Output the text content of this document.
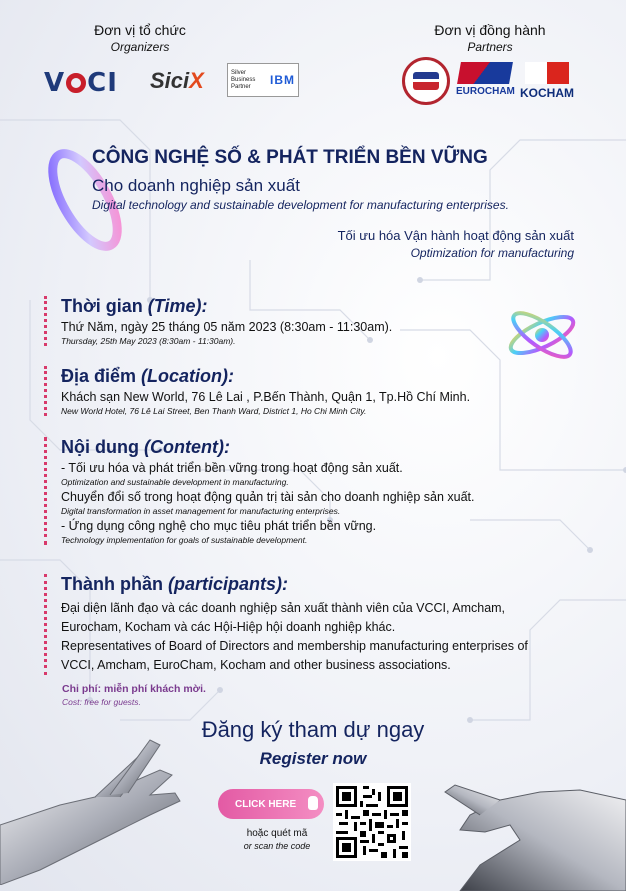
Đơn vị tổ chức
Organizers
Đơn vị đồng hành
Partners
V CI Sici X	Silver Business Partner	IBM
EUROCHAM KOCHAM
CÔNG NGHỆ SỐ & PHÁT TRIỂN BỀN VỮNG
Cho doanh nghiệp sản xuất
Digital technology and sustainable development for manufacturing enterprises.
Tối ưu hóa Vận hành hoạt động sản xuất
Optimization for manufacturing
Thời gian (Time):
Thứ Năm, ngày 25 tháng 05 năm 2023 (8:30am - 11:30am).
Thursday, 25th May 2023 (8:30am - 11:30am).
Địa điểm (Location):
Khách sạn New World, 76 Lê Lai , P.Bến Thành, Quận 1, Tp.Hồ Chí Minh.
New World Hotel, 76 Lê Lai Street, Ben Thanh Ward, District 1, Ho Chi Minh City.
Nội dung (Content):
- Tối ưu hóa và phát triển bền vững trong hoạt động sản xuất.
Optimization and sustainable development in manufacturing.
Chuyển đổi số trong hoạt động quản trị tài sản cho doanh nghiệp sản xuất.
Digital transformation in asset management for manufacturing enterprises.
- Ứng dụng công nghệ cho mục tiêu phát triển bền vững.
Technology implementation for goals of sustainable development.
Thành phần (participants):
Đại diện lãnh đạo và các doanh nghiệp sản xuất thành viên của VCCI, Amcham,
Eurocham, Kocham và các Hội-Hiệp hội doanh nghiệp khác.
Representatives of Board of Directors and membership manufacturing enterprises of
VCCI, Amcham, EuroCham, Kocham and other business associations.
Chi phí: miễn phí khách mời.
Cost: free for guests.
Đăng ký tham dự ngay
Register now
CLICK HERE
hoặc quét mã
or scan the code
